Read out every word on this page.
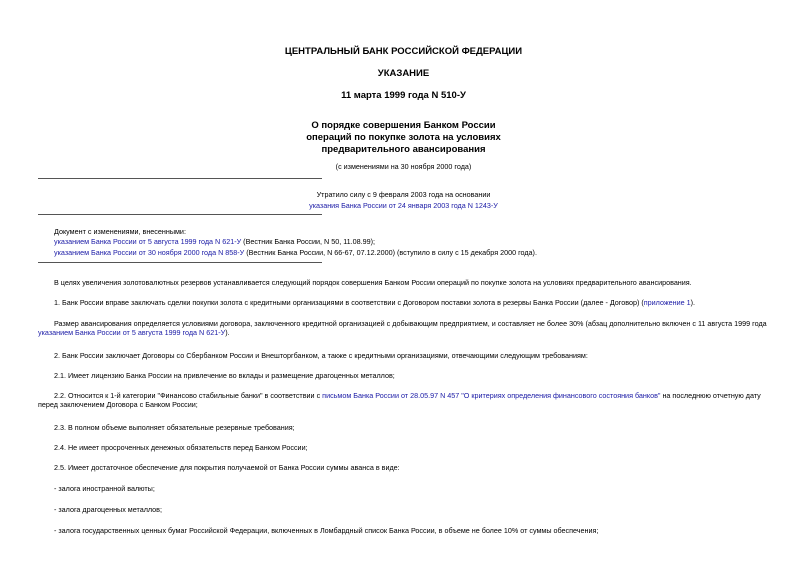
ЦЕНТРАЛЬНЫЙ БАНК РОССИЙСКОЙ ФЕДЕРАЦИИ
УКАЗАНИЕ
11 марта 1999 года N 510-У
О порядке совершения Банком России
операций по покупке золота на условиях
предварительного авансирования
(с изменениями на 30 ноября 2000 года)
Утратило силу с 9 февраля 2003 года на основании
указания Банка России от 24 января 2003 года N 1243-У
Документ с изменениями, внесенными:
указанием Банка России от 5 августа 1999 года N 621-У (Вестник Банка России, N 50, 11.08.99);
указанием Банка России от 30 ноября 2000 года N 858-У (Вестник Банка России, N 66-67, 07.12.2000) (вступило в силу с 15 декабря 2000 года).
В целях увеличения золотовалютных резервов устанавливается следующий порядок совершения Банком России операций по покупке золота на условиях предварительного авансирования.
1. Банк России вправе заключать сделки покупки золота с кредитными организациями в соответствии с Договором поставки золота в резервы Банка России (далее - Договор) (приложение 1).
Размер авансирования определяется условиями договора, заключенного кредитной организацией с добывающим предприятием, и составляет не более 30% (абзац дополнительно включен с 11 августа 1999 года указанием Банка России от 5 августа 1999 года N 621-У).
2. Банк России заключает Договоры со Сбербанком России и Внешторгбанком, а также с кредитными организациями, отвечающими следующим требованиям:
2.1. Имеет лицензию Банка России на привлечение во вклады и размещение драгоценных металлов;
2.2. Относится к 1-й категории "Финансово стабильные банки" в соответствии с письмом Банка России от 28.05.97 N 457 "О критериях определения финансового состояния банков" на последнюю отчетную дату перед заключением Договора с Банком России;
2.3. В полном объеме выполняет обязательные резервные требования;
2.4. Не имеет просроченных денежных обязательств перед Банком России;
2.5. Имеет достаточное обеспечение для покрытия получаемой от Банка России суммы аванса в виде:
- залога иностранной валюты;
- залога драгоценных металлов;
- залога государственных ценных бумаг Российской Федерации, включенных в Ломбардный список Банка России, в объеме не более 10% от суммы обеспечения;
